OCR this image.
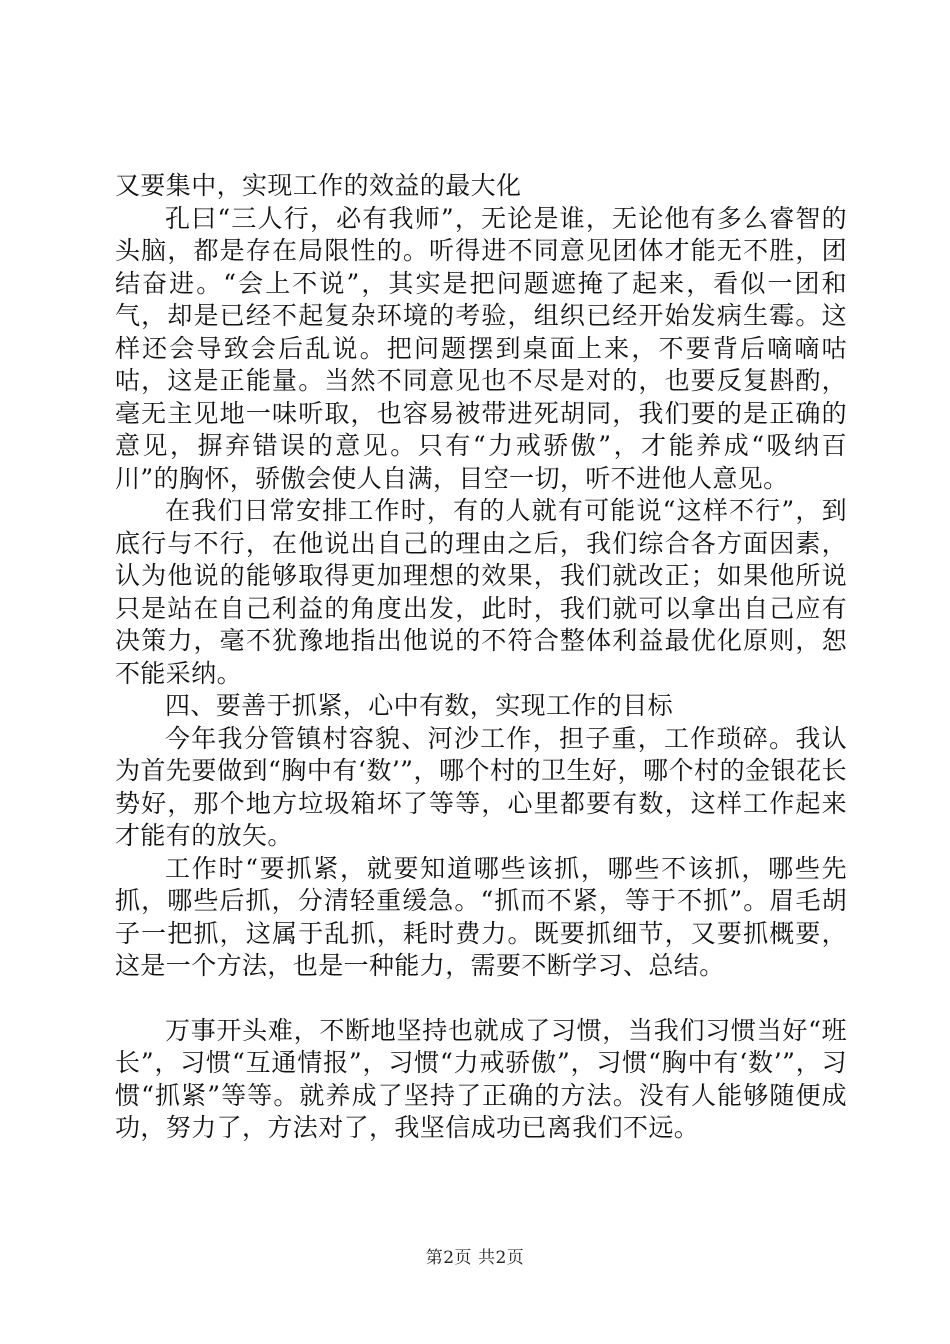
又要集中，实现工作的效益的最大化

孔曰“三人行，必有我师”，无论是谁，无论他有多么睿智的头脑，都是存在局限性的。听得进不同意见团体才能无不胜，团结奋进。“会上不说”，其实是把问题遮掩了起来，看似一团和气，却是已经不起复杂环境的考验，组织已经开始发病生霉。这样还会导致会后乱说。把问题摆到桌面上来，不要背后嘀嘀咕咕，这是正能量。当然不同意见也不尽是对的，也要反复斟酌，毫无主见地一味听取，也容易被带进死胡同，我们要的是正确的意见，摒弃错误的意见。只有“力戒骄傲”，才能养成“吸纳百川”的胸怀，骄傲会使人自满，目空一切，听不进他人意见。

在我们日常安排工作时，有的人就有可能说“这样不行”，到底行与不行，在他说出自己的理由之后，我们综合各方面因素，认为他说的能够取得更加理想的效果，我们就改正；如果他所说只是站在自己利益的角度出发，此时，我们就可以拿出自己应有决策力，毫不犹豫地指出他说的不符合整体利益最优化原则，恕不能采纳。

四、要善于抓紧，心中有数，实现工作的目标

今年我分管镇村容貌、河沙工作，担子重，工作琐碎。我认为首先要做到“胸中有‘数’”，哪个村的卫生好，哪个村的金银花长势好，那个地方垃圾箱坏了等等，心里都要有数，这样工作起来才能有的放矢。

工作时“要抓紧，就要知道哪些该抓，哪些不该抓，哪些先抓，哪些后抓，分清轻重缓急。“抓而不紧，等于不抓”。眉毛胡子一把抓，这属于乱抓，耗时费力。既要抓细节，又要抓概要，这是一个方法，也是一种能力，需要不断学习、总结。

万事开头难，不断地坚持也就成了习惯，当我们习惯当好“班长”，习惯“互通情报”，习惯“力戒骄傲”，习惯“胸中有‘数’”，习惯“抓紧”等等。就养成了坚持了正确的方法。没有人能够随便成功，努力了，方法对了，我坚信成功已离我们不远。

第2页 共2页
